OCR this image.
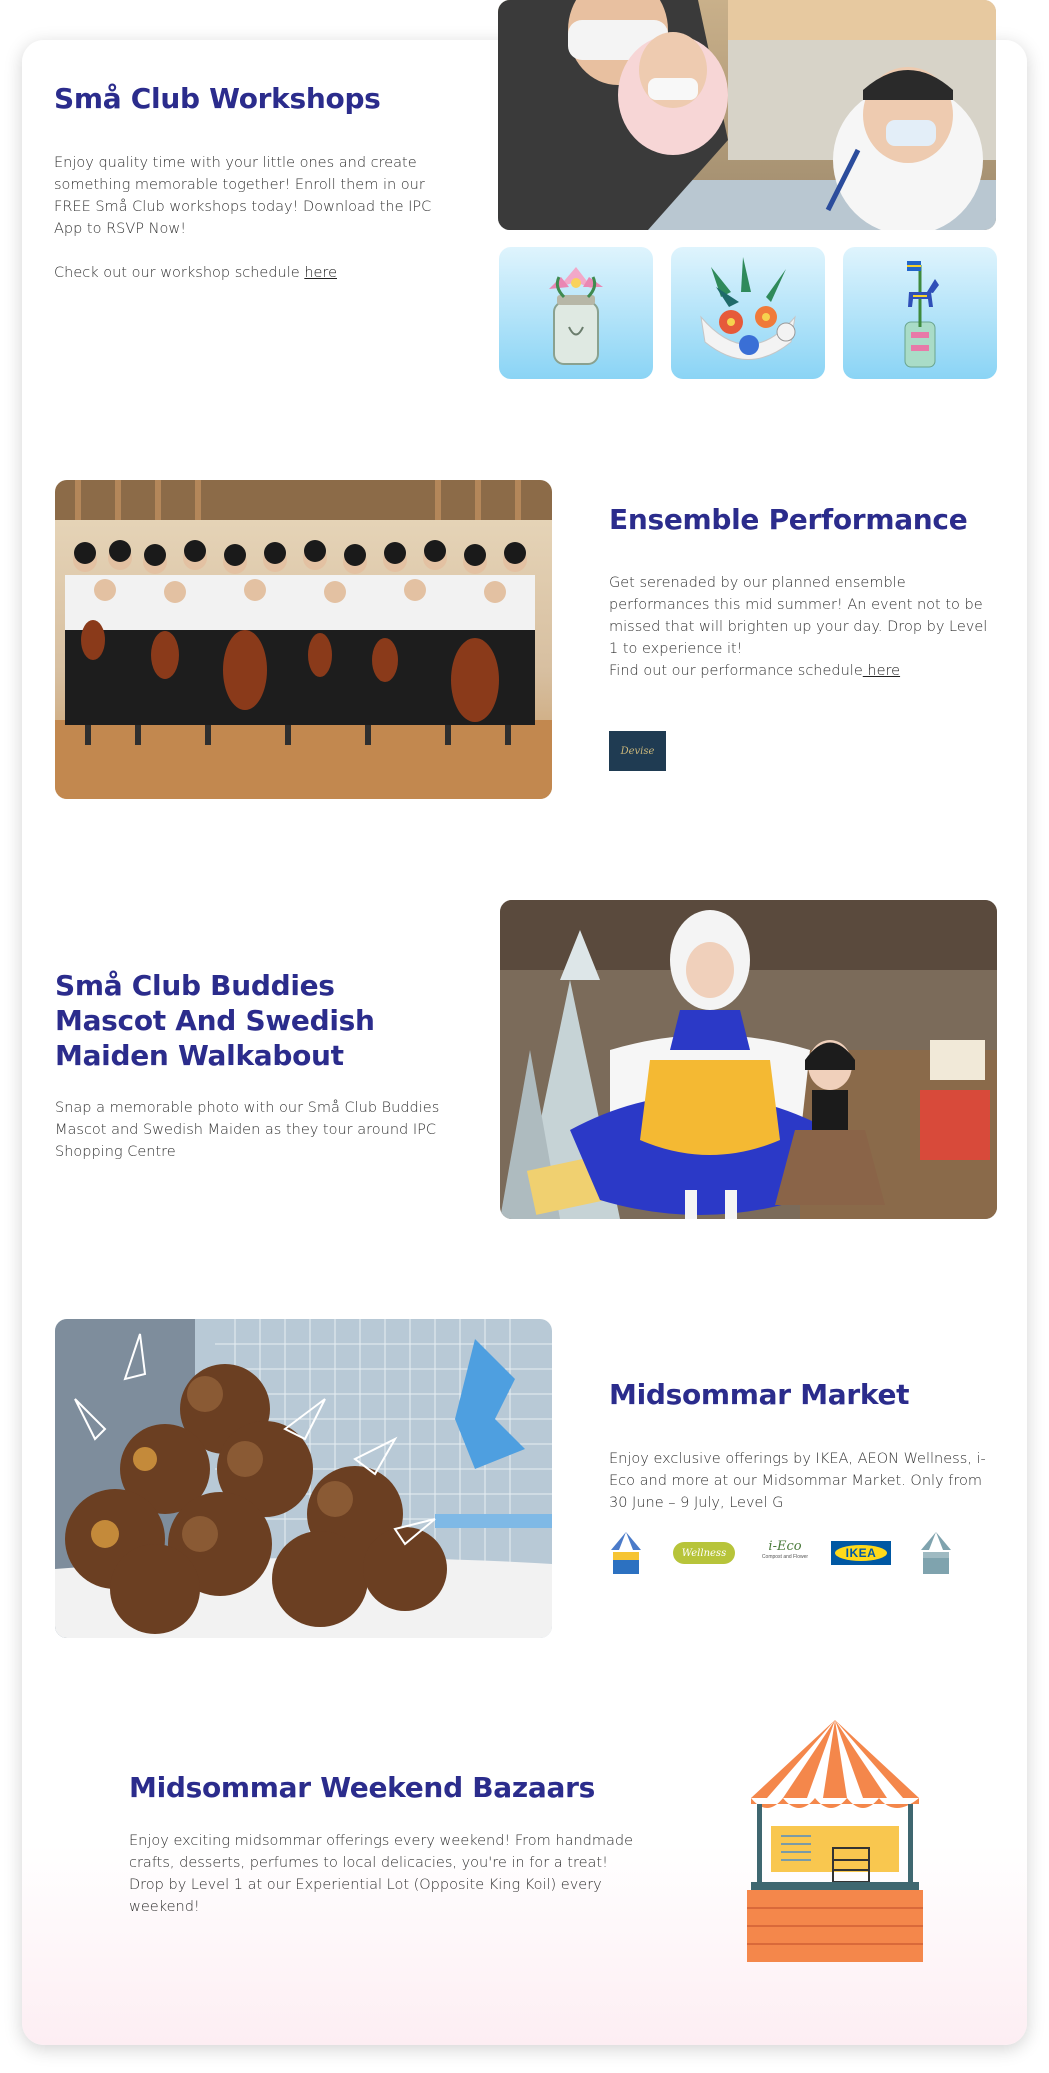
Små Club Workshops
Enjoy quality time with your little ones and create something memorable together! Enroll them in our FREE Små Club workshops today! Download the IPC App to RSVP Now!
Check out our workshop schedule here
Ensemble Performance
Get serenaded by our planned ensemble performances this mid summer! An event not to be missed that will brighten up your day. Drop by Level 1 to experience it!
Find out our performance schedule here
Devise
Små Club Buddies Mascot And Swedish Maiden Walkabout
Snap a memorable photo with our Små Club Buddies Mascot and Swedish Maiden as they tour around IPC Shopping Centre
Midsommar Market
Enjoy exclusive offerings by IKEA, AEON Wellness, i-Eco and more at our Midsommar Market. Only from 30 June – 9 July, Level G
Wellness	i-Eco
Compost and Flower	IKEA
Midsommar Weekend Bazaars
Enjoy exciting midsommar offerings every weekend! From handmade crafts, desserts, perfumes to local delicacies, you're in for a treat! Drop by Level 1 at our Experiential Lot (Opposite King Koil) every weekend!
